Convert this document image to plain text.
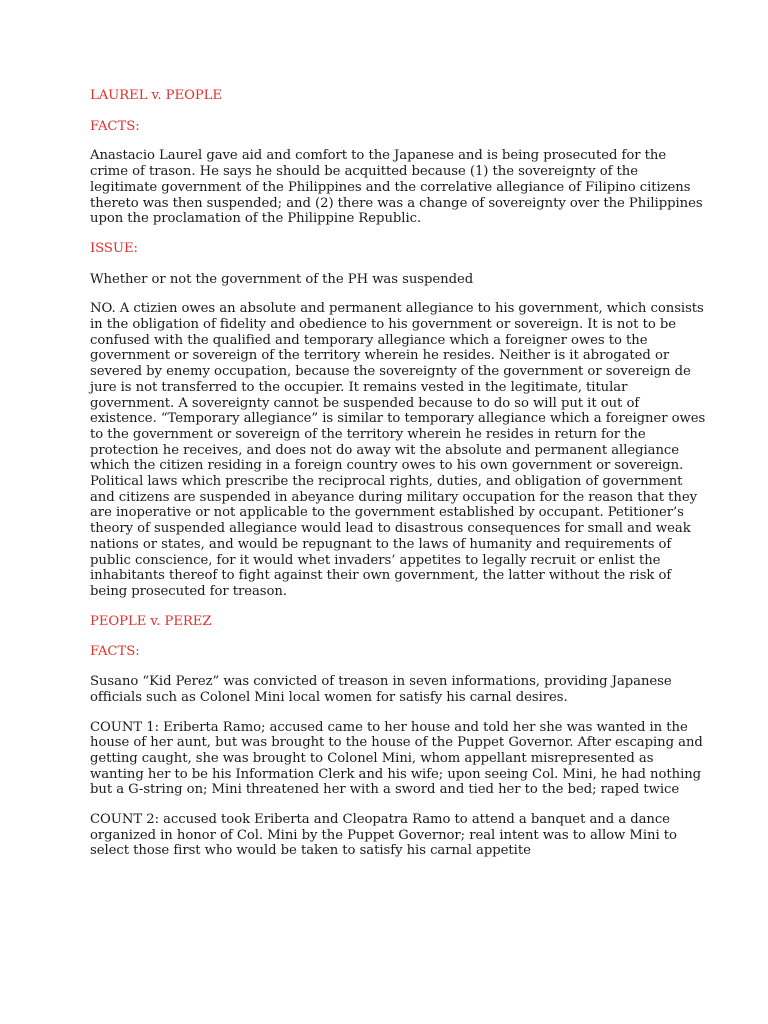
LAUREL v. PEOPLE

FACTS:

Anastacio Laurel gave aid and comfort to the Japanese and is being prosecuted for the crime of trason. He says he should be acquitted because (1) the sovereignty of the legitimate government of the Philippines and the correlative allegiance of Filipino citizens thereto was then suspended; and (2) there was a change of sovereignty over the Philippines upon the proclamation of the Philippine Republic.

ISSUE:

Whether or not the government of the PH was suspended

NO. A ctizien owes an absolute and permanent allegiance to his government, which consists in the obligation of fidelity and obedience to his government or sovereign. It is not to be confused with the qualified and temporary allegiance which a foreigner owes to the government or sovereign of the territory wherein he resides. Neither is it abrogated or severed by enemy occupation, because the sovereignty of the government or sovereign de jure is not transferred to the occupier. It remains vested in the legitimate, titular government. A sovereignty cannot be suspended because to do so will put it out of existence. “Temporary allegiance” is similar to temporary allegiance which a foreigner owes to the government or sovereign of the territory wherein he resides in return for the protection he receives, and does not do away wit the absolute and permanent allegiance which the citizen residing in a foreign country owes to his own government or sovereign. Political laws which prescribe the reciprocal rights, duties, and obligation of government and citizens are suspended in abeyance during military occupation for the reason that they are inoperative or not applicable to the government established by occupant. Petitioner’s theory of suspended allegiance would lead to disastrous consequences for small and weak nations or states, and would be repugnant to the laws of humanity and requirements of public conscience, for it would whet invaders’ appetites to legally recruit or enlist the inhabitants thereof to fight against their own government, the latter without the risk of being prosecuted for treason.

PEOPLE v. PEREZ

FACTS:

Susano “Kid Perez” was convicted of treason in seven informations, providing Japanese officials such as Colonel Mini local women for satisfy his carnal desires.

COUNT 1: Eriberta Ramo; accused came to her house and told her she was wanted in the house of her aunt, but was brought to the house of the Puppet Governor. After escaping and getting caught, she was brought to Colonel Mini, whom appellant misrepresented as wanting her to be his Information Clerk and his wife; upon seeing Col. Mini, he had nothing but a G-string on; Mini threatened her with a sword and tied her to the bed; raped twice

COUNT 2: accused took Eriberta and Cleopatra Ramo to attend a banquet and a dance organized in honor of Col. Mini by the Puppet Governor; real intent was to allow Mini to select those first who would be taken to satisfy his carnal appetite
